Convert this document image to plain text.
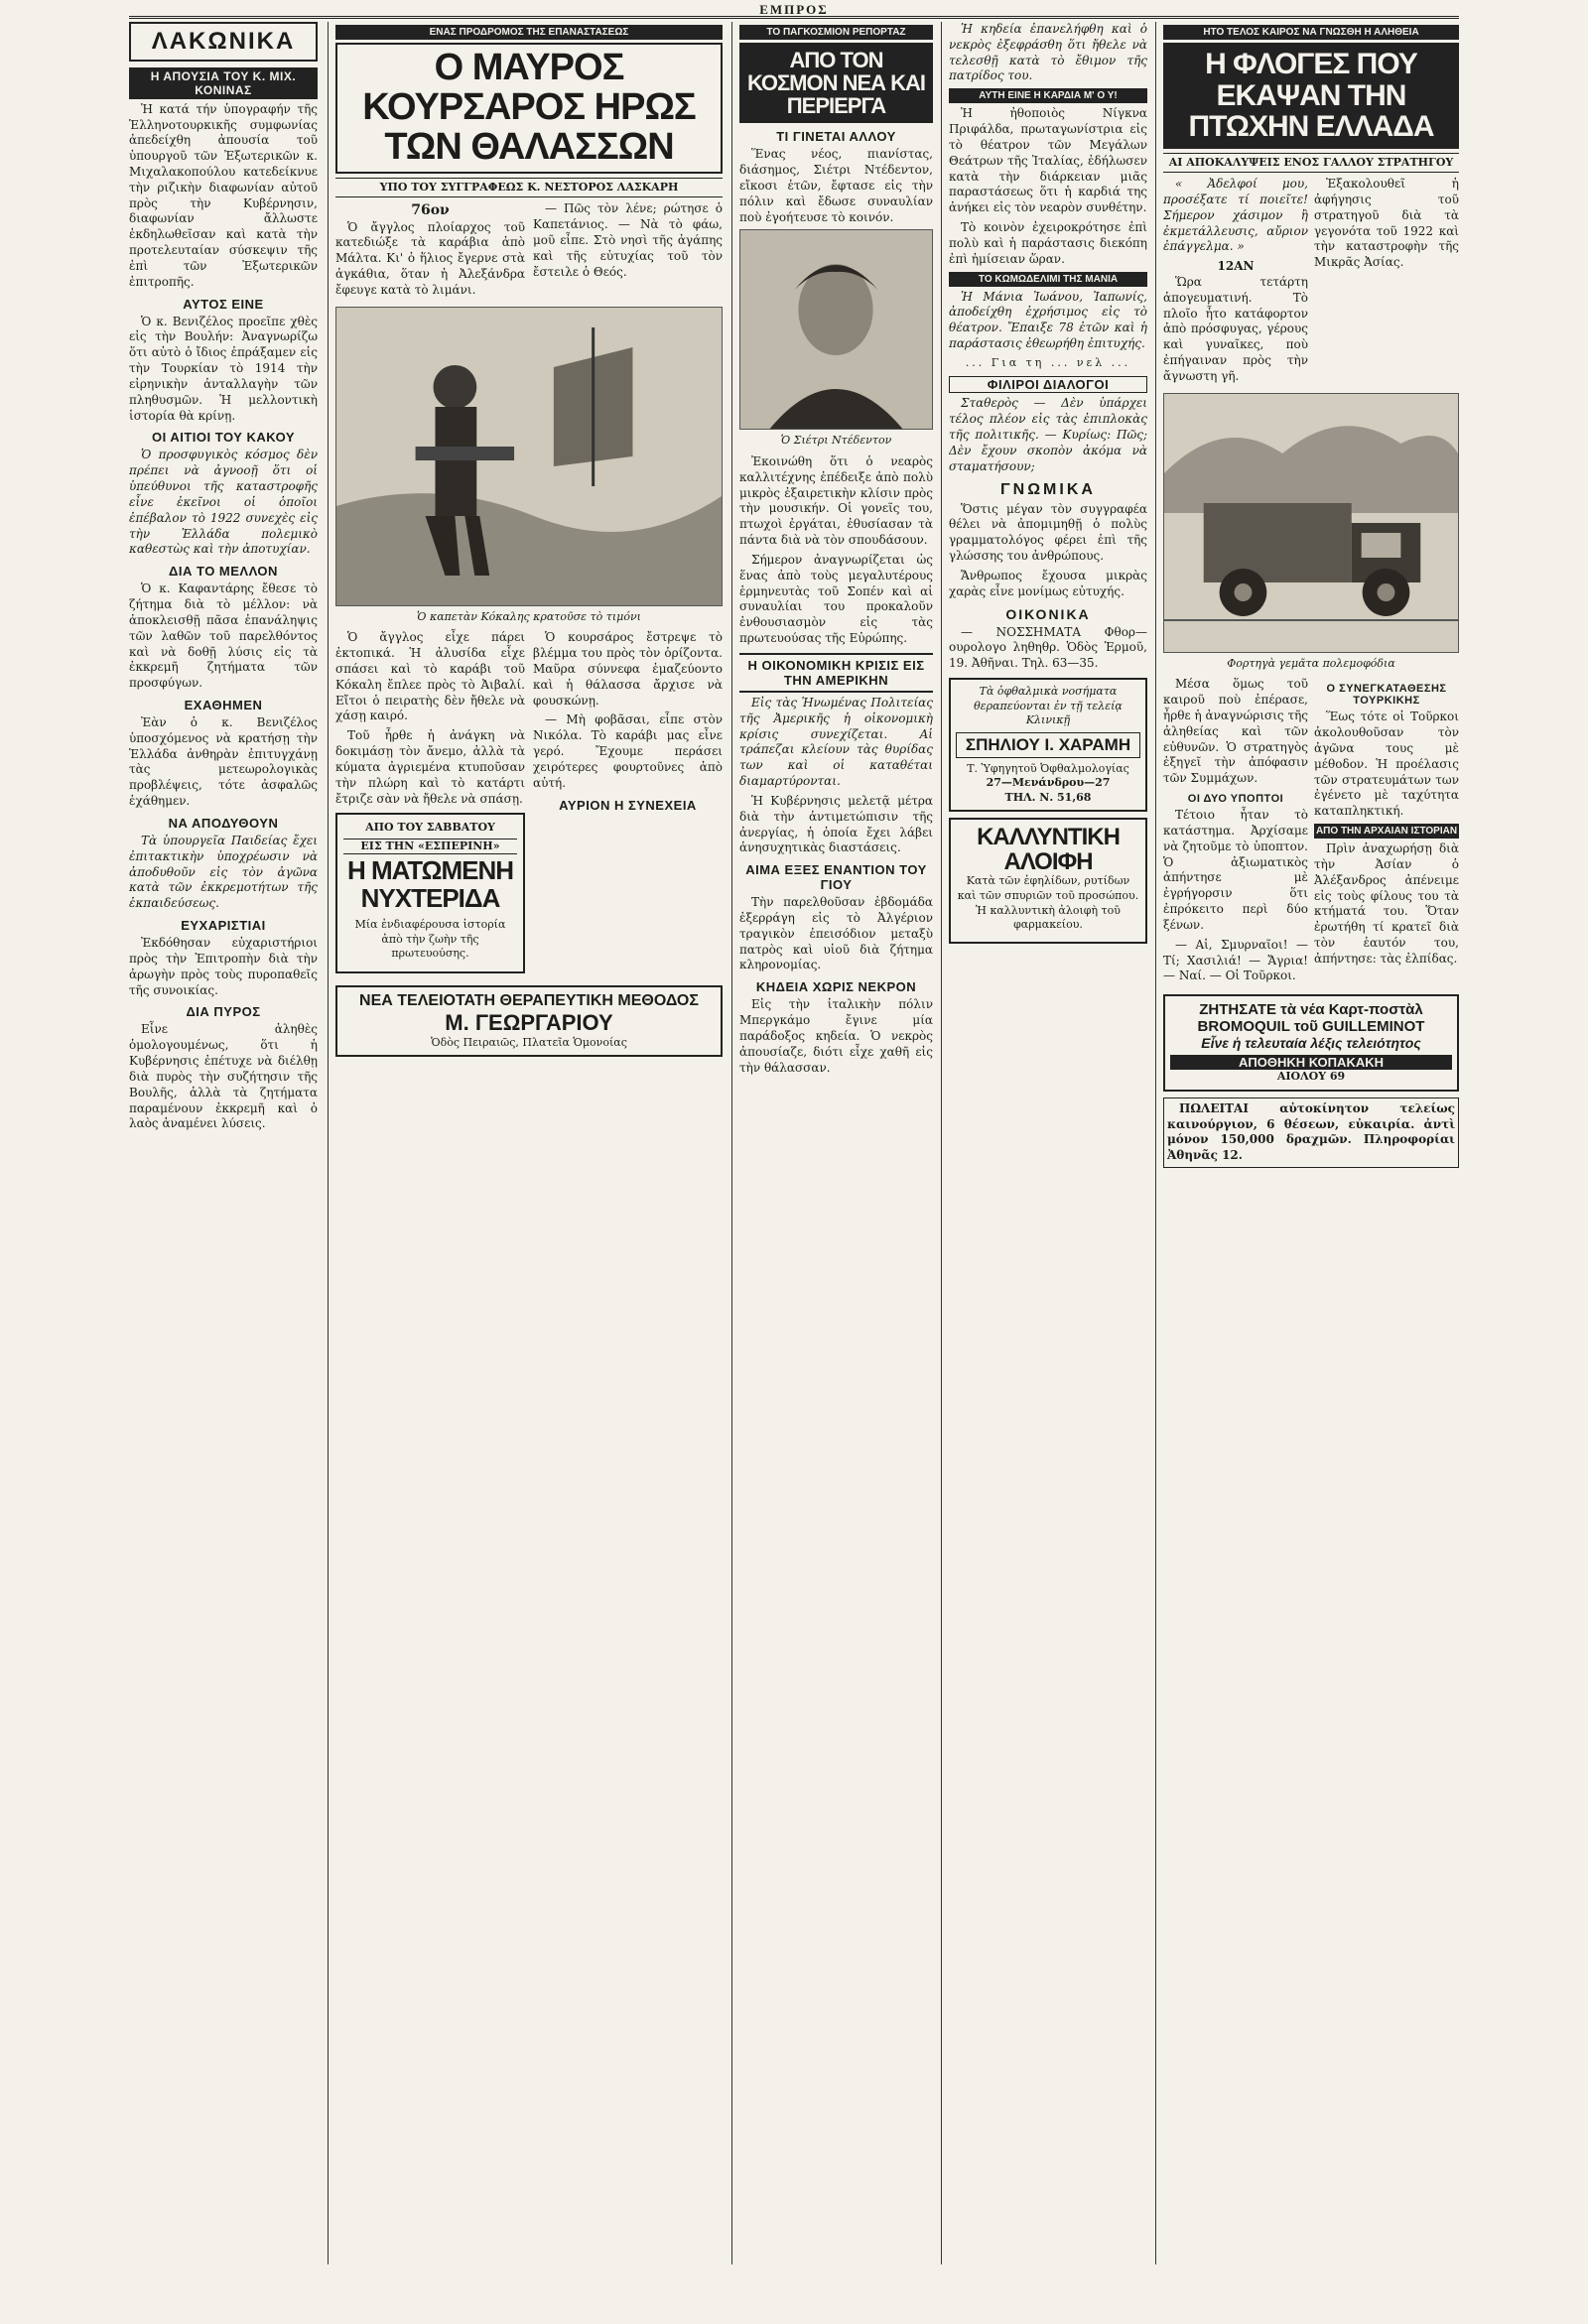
ΕΜΠΡΟΣ
ΛΑΚΩΝΙΚΑ
Η ΑΠΟΥΣΙΑ ΤΟΥ Κ. ΜΙΧ. ΚΟΝΙΝΑΣ

Ἡ κατά τήν ὑπογραφήν τῆς Ἑλληνοτουρκικῆς συμφωνίας ἀπεδείχθη ἀπουσία τοῦ ὑπουργοῦ τῶν Ἐξωτερικῶν κ. Μιχαλακοπούλου κατεδείκνυε τὴν ριζικὴν διαφωνίαν αὐτοῦ πρὸς τὴν Κυβέρνησιν, διαφωνίαν ἄλλωστε ἐκδηλωθεῖσαν καὶ κατὰ τὴν προτελευταίαν σύσκεψιν τῆς ἐπὶ τῶν Ἐξωτερικῶν ἐπιτροπῆς.

ΑΥΤΟΣ ΕΙΝΕ

Ὁ κ. Βενιζέλος προεῖπε χθὲς εἰς τὴν Βουλήν: Ἀναγνωρίζω ὅτι αὐτὸ ὁ ἴδιος ἐπράξαμεν εἰς τὴν Τουρκίαν τὸ 1914 τὴν εἰρηνικὴν ἀνταλλαγὴν τῶν πληθυσμῶν. Ἡ μελλοντικὴ ἱστορία θὰ κρίνῃ.

ΟΙ ΑΙΤΙΟΙ ΤΟΥ ΚΑΚΟΥ

Ὁ προσφυγικὸς κόσμος δὲν πρέπει νὰ ἀγνοοῇ ὅτι οἱ ὑπεύθυνοι τῆς καταστροφῆς εἶνε ἐκεῖνοι οἱ ὁποῖοι ἐπέβαλον τὸ 1922 συνεχὲς εἰς τὴν Ἑλλάδα πολεμικὸ καθεστὼς καὶ τὴν ἀποτυχίαν.

ΔΙΑ ΤΟ ΜΕΛΛΟΝ

Ὁ κ. Καφαντάρης ἔθεσε τὸ ζήτημα διὰ τὸ μέλλον: νὰ ἀποκλεισθῇ πᾶσα ἐπανάληψις τῶν λαθῶν τοῦ παρελθόντος καὶ νὰ δοθῇ λύσις εἰς τὰ ἐκκρεμῆ ζητήματα τῶν προσφύγων.

ΕΧΑΘΗΜΕΝ

Ἐὰν ὁ κ. Βενιζέλος ὑποσχόμενος νὰ κρατήσῃ τὴν Ἑλλάδα ἀνθηρὰν ἐπιτυγχάνῃ τὰς μετεωρολογικὰς προβλέψεις, τότε ἀσφαλῶς ἐχάθημεν.

ΝΑ ΑΠΟΔΥΘΟΥΝ

Τὰ ὑπουργεῖα Παιδείας ἔχει ἐπιτακτικὴν ὑποχρέωσιν νὰ ἀποδυθοῦν εἰς τὸν ἀγῶνα κατὰ τῶν ἐκκρεμοτήτων τῆς ἐκπαιδεύσεως.

ΕΥΧΑΡΙΣΤΙΑΙ

Ἐκδόθησαν εὐχαριστήριοι πρὸς τὴν Ἐπιτροπὴν διὰ τὴν ἀρωγὴν πρὸς τοὺς πυροπαθεῖς τῆς συνοικίας.

ΔΙΑ ΠΥΡΟΣ

Εἶνε ἀληθὲς ὁμολογουμένως, ὅτι ἡ Κυβέρνησις ἐπέτυχε νὰ διέλθῃ διὰ πυρὸς τὴν συζήτησιν τῆς Βουλῆς, ἀλλὰ τὰ ζητήματα παραμένουν ἐκκρεμῆ καὶ ὁ λαὸς ἀναμένει λύσεις.

ΕΝΑΣ ΠΡΟΔΡΟΜΟΣ ΤΗΣ ΕΠΑΝΑΣΤΑΣΕΩΣ
Ο ΜΑΥΡΟΣ ΚΟΥΡΣΑΡΟΣ ΗΡΩΣ ΤΩΝ ΘΑΛΑΣΣΩΝ
ΥΠΟ ΤΟΥ ΣΥΓΓΡΑΦΕΩΣ Κ. ΝΕΣΤΟΡΟΣ ΛΑΣΚΑΡΗ
76ον

Ὁ ἄγγλος πλοίαρχος τοῦ κατεδιώξε τὰ καράβια ἀπὸ Μάλτα. Κι' ὁ ἥλιος ἔγερνε στὰ ἀγκάθια, ὅταν ἡ Ἀλεξάνδρα ἔφευγε κατὰ τὸ λιμάνι.

— Πῶς τὸν λένε; ρώτησε ὁ Καπετάνιος. — Νὰ τὸ φάω, μοῦ εἶπε. Στὸ νησὶ τῆς ἀγάπης καὶ τῆς εὐτυχίας τοῦ τὸν ἔστειλε ὁ Θεός.

Ὁ καπετὰν Κόκαλης κρατοῦσε τὸ τιμόνι

Ὁ ἄγγλος εἶχε πάρει ἐκτοπικά. Ἡ ἀλυσίδα εἶχε σπάσει καὶ τὸ καράβι τοῦ Κόκαλη ἔπλεε πρὸς τὸ Ἀιβαλί. Εἴτοι ὁ πειρατὴς δὲν ἤθελε νὰ χάσῃ καιρό.

Τοῦ ἦρθε ἡ ἀνάγκη νὰ δοκιμάσῃ τὸν ἄνεμο, ἀλλὰ τὰ κύματα ἀγριεμένα κτυποῦσαν τὴν πλώρη καὶ τὸ κατάρτι ἔτριζε σὰν νὰ ἤθελε νὰ σπάσῃ.

ΑΠΟ ΤΟΥ ΣΑΒΒΑΤΟΥ
ΕΙΣ ΤΗΝ «ΕΣΠΕΡΙΝΗ»
Η ΜΑΤΩΜΕΝΗ ΝΥΧΤΕΡΙΔΑ

Μία ἐνδιαφέρουσα ἱστορία ἀπὸ τὴν ζωὴν τῆς πρωτευούσης.

Ὁ κουρσάρος ἔστρεψε τὸ βλέμμα του πρὸς τὸν ὁρίζοντα. Μαῦρα σύννεφα ἐμαζεύοντο καὶ ἡ θάλασσα ἄρχισε νὰ φουσκώνῃ.

— Μὴ φοβᾶσαι, εἶπε στὸν Νικόλα. Τὸ καράβι μας εἶνε γερό. Ἔχουμε περάσει χειρότερες φουρτοῦνες ἀπὸ αὐτή.

ΑΥΡΙΟΝ Η ΣΥΝΕΧΕΙΑ
ΝΕΑ ΤΕΛΕΙΟΤΑΤΗ ΘΕΡΑΠΕΥΤΙΚΗ ΜΕΘΟΔΟΣ
Μ. ΓΕΩΡΓΑΡΙΟΥ
Ὁδὸς Πειραιῶς, Πλατεῖα Ὁμονοίας
ΤΟ ΠΑΓΚΟΣΜΙΟΝ ΡΕΠΟΡΤΑΖ
ΑΠΟ ΤΟΝ ΚΟΣΜΟΝ ΝΕΑ ΚΑΙ ΠΕΡΙΕΡΓΑ
ΤΙ ΓΙΝΕΤΑΙ ΑΛΛΟΥ

Ἕνας νέος, πιανίστας, διάσημος, Σιέτρι Ντέδεντον, εἴκοσι ἐτῶν, ἔφτασε εἰς τὴν πόλιν καὶ ἔδωσε συναυλίαν ποὺ ἐγοήτευσε τὸ κοινόν.

Ὁ Σιέτρι Ντέδεντον

Ἐκοινώθη ὅτι ὁ νεαρὸς καλλιτέχνης ἐπέδειξε ἀπὸ πολὺ μικρὸς ἐξαιρετικὴν κλίσιν πρὸς τὴν μουσικήν. Οἱ γονεῖς του, πτωχοὶ ἐργάται, ἐθυσίασαν τὰ πάντα διὰ νὰ τὸν σπουδάσουν.

Σήμερον ἀναγνωρίζεται ὡς ἕνας ἀπὸ τοὺς μεγαλυτέρους ἑρμηνευτὰς τοῦ Σοπέν καὶ αἱ συναυλίαι του προκαλοῦν ἐνθουσιασμὸν εἰς τὰς πρωτευούσας τῆς Εὐρώπης.

Η ΟΙΚΟΝΟΜΙΚΗ ΚΡΙΣΙΣ ΕΙΣ ΤΗΝ ΑΜΕΡΙΚΗΝ

Εἰς τὰς Ἡνωμένας Πολιτείας τῆς Ἀμερικῆς ἡ οἰκονομικὴ κρίσις συνεχίζεται. Αἱ τράπεζαι κλείουν τὰς θυρίδας των καὶ οἱ καταθέται διαμαρτύρονται.

Ἡ Κυβέρνησις μελετᾷ μέτρα διὰ τὴν ἀντιμετώπισιν τῆς ἀνεργίας, ἡ ὁποία ἔχει λάβει ἀνησυχητικὰς διαστάσεις.

ΑΙΜΑ ΕΞΕΣ ΕΝΑΝΤΙΟΝ ΤΟΥ ΓΙΟΥ

Τὴν παρελθοῦσαν ἑβδομάδα ἐξερράγη εἰς τὸ Ἀλγέριον τραγικὸν ἐπεισόδιον μεταξὺ πατρὸς καὶ υἱοῦ διὰ ζήτημα κληρονομίας.

ΚΗΔΕΙΑ ΧΩΡΙΣ ΝΕΚΡΟΝ

Εἰς τὴν ἰταλικὴν πόλιν Μπεργκάμο ἔγινε μία παράδοξος κηδεία. Ὁ νεκρὸς ἀπουσίαζε, διότι εἶχε χαθῆ εἰς τὴν θάλασσαν.

Ἡ κηδεία ἐπανελήφθη καὶ ὁ νεκρὸς ἐξεφράσθη ὅτι ἤθελε νὰ τελεσθῇ κατὰ τὸ ἔθιμον τῆς πατρίδος του.

ΑΥΤΗ ΕΙΝΕ Η ΚΑΡΔΙΑ Μ' Ο Υ!

Ἡ ἠθοποιὸς Νίγκνα Πριφάλδα, πρωταγωνίστρια εἰς τὸ θέατρον τῶν Μεγάλων Θεάτρων τῆς Ἰταλίας, ἐδήλωσεν κατὰ τὴν διάρκειαν μιᾶς παραστάσεως ὅτι ἡ καρδιά της ἀνήκει εἰς τὸν νεαρὸν συνθέτην.

Τὸ κοινὸν ἐχειροκρότησε ἐπὶ πολὺ καὶ ἡ παράστασις διεκόπη ἐπὶ ἡμίσειαν ὥραν.

ΤΟ ΚΩΜΩΔΕΛΙΜΙ ΤΗΣ ΜΑΝΙΑ

Ἡ Μάνια Ἰωάνου, Ἰαπωνίς, ἀποδείχθη ἐχρήσιμος εἰς τὸ θέατρον. Ἔπαιξε 78 ἐτῶν καὶ ἡ παράστασις ἐθεωρήθη ἐπιτυχής.

... Για τη ... νελ ...
ΦΙΛΙΡΟΙ ΔΙΑΛΟΓΟΙ

Σταθερὸς — Δὲν ὑπάρχει τέλος πλέον εἰς τὰς ἐπιπλοκὰς τῆς πολιτικῆς. — Κυρίως: Πῶς; Δὲν ἔχουν σκοπὸν ἀκόμα νὰ σταματήσουν;

ΓΝΩΜΙΚΑ

Ὅστις μέγαν τὸν συγγραφέα θέλει νὰ ἀπομιμηθῇ ὁ πολὺς γραμματολόγος φέρει ἐπὶ τῆς γλώσσης του ἀνθρώπους.

Ἄνθρωπος ἔχουσα μικρὰς χαρὰς εἶνε μονίμως εὐτυχής.

ΟΙΚΟΝΙΚΑ

— ΝΟΣΣΗΜΑΤΑ Φθορ—ουρολογο ληθηθρ. Ὁδὸς Ἑρμοῦ, 19. Ἀθῆναι. Τηλ. 63—35.

Τὰ ὀφθαλμικὰ νοσήματα θεραπεύονται ἐν τῇ τελείᾳ Κλινικῇ
ΣΠΗΛΙΟΥ Ι. ΧΑΡΑΜΗ
Τ. Ὑφηγητοῦ Ὀφθαλμολογίας
27—Μενάνδρου—27
ΤΗΛ. Ν. 51,68
ΚΑΛΛΥΝΤΙΚΗ ΑΛΟΙΦΗ

Κατὰ τῶν ἐφηλίδων, ρυτίδων καὶ τῶν σπυριῶν τοῦ προσώπου. Ἡ καλλυντικὴ ἀλοιφὴ τοῦ φαρμακείου.

ΗΤΟ ΤΕΛΟΣ ΚΑΙΡΟΣ ΝΑ ΓΝΩΣΘΗ Η ΑΛΗΘΕΙΑ
Η ΦΛΟΓΕΣ ΠΟΥ ΕΚΑΨΑΝ ΤΗΝ ΠΤΩΧΗΝ ΕΛΛΑΔΑ
ΑΙ ΑΠΟΚΑΛΥΨΕΙΣ ΕΝΟΣ ΓΑΛΛΟΥ ΣΤΡΑΤΗΓΟΥ

« Ἀδελφοί μου, προσέξατε τί ποιεῖτε! Σήμερον χάσιμον ἢ ἐκμετάλλευσις, αὔριον ἐπάγγελμα. »

12ΑΝ

Ὥρα τετάρτη ἀπογευματινή. Τὸ πλοῖο ἦτο κατάφορτον ἀπὸ πρόσφυγας, γέρους καὶ γυναῖκες, ποὺ ἐπήγαιναν πρὸς τὴν ἄγνωστη γῆ.

Ἐξακολουθεῖ ἡ ἀφήγησις τοῦ στρατηγοῦ διὰ τὰ γεγονότα τοῦ 1922 καὶ τὴν καταστροφὴν τῆς Μικρᾶς Ἀσίας.

Φορτηγὰ γεμᾶτα πολεμοφόδια

Μέσα ὅμως τοῦ καιροῦ ποὺ ἐπέρασε, ἦρθε ἡ ἀναγνώρισις τῆς ἀληθείας καὶ τῶν εὐθυνῶν. Ὁ στρατηγὸς ἐξηγεῖ τὴν ἀπόφασιν τῶν Συμμάχων.

ΟΙ ΔΥΟ ΥΠΟΠΤΟΙ

Τέτοιο ἦταν τὸ κατάστημα. Ἀρχίσαμε νὰ ζητοῦμε τὸ ὑποπτον. Ὁ ἀξιωματικὸς ἀπήντησε μὲ ἐγρήγορσιν ὅτι ἐπρόκειτο περὶ δύο ξένων.

— Αἱ, Σμυρναῖοι! — Τί; Χασιλιά! — Ἄγρια! — Ναί. — Οἱ Τοῦρκοι.

Ο ΣΥΝΕΓΚΑΤΑΘΕΣΗΣ ΤΟΥΡΚΙΚΗΣ

Ἕως τότε οἱ Τοῦρκοι ἀκολουθοῦσαν τὸν ἀγῶνα τους μὲ μέθοδον. Ἡ προέλασις τῶν στρατευμάτων των ἐγένετο μὲ ταχύτητα καταπληκτική.

ΑΠΟ ΤΗΝ ΑΡΧΑΙΑΝ ΙΣΤΟΡΙΑΝ

Πρὶν ἀναχωρήσῃ διὰ τὴν Ἀσίαν ὁ Ἀλέξανδρος ἀπένειμε εἰς τοὺς φίλους του τὰ κτήματά του. Ὅταν ἐρωτήθη τί κρατεῖ διὰ τὸν ἑαυτόν του, ἀπήντησε: τὰς ἐλπίδας.

ΖΗΤΗΣΑΤΕ τὰ νέα Καρτ-ποστὰλ BROMOQUIL τοῦ GUILLEMINOT
Εἶνε ἡ τελευταία λέξις τελειότητος
ΑΠΟΘΗΚΗ ΚΟΠΑΚΑΚΗ
ΑΙΟΛΟΥ 69

ΠΩΛΕΙΤΑΙ αὐτοκίνητον τελείως καινούργιον, 6 θέσεων, εὐκαιρία. ἀντὶ μόνον 150,000 δραχμῶν. Πληροφορίαι Ἀθηνᾶς 12.
